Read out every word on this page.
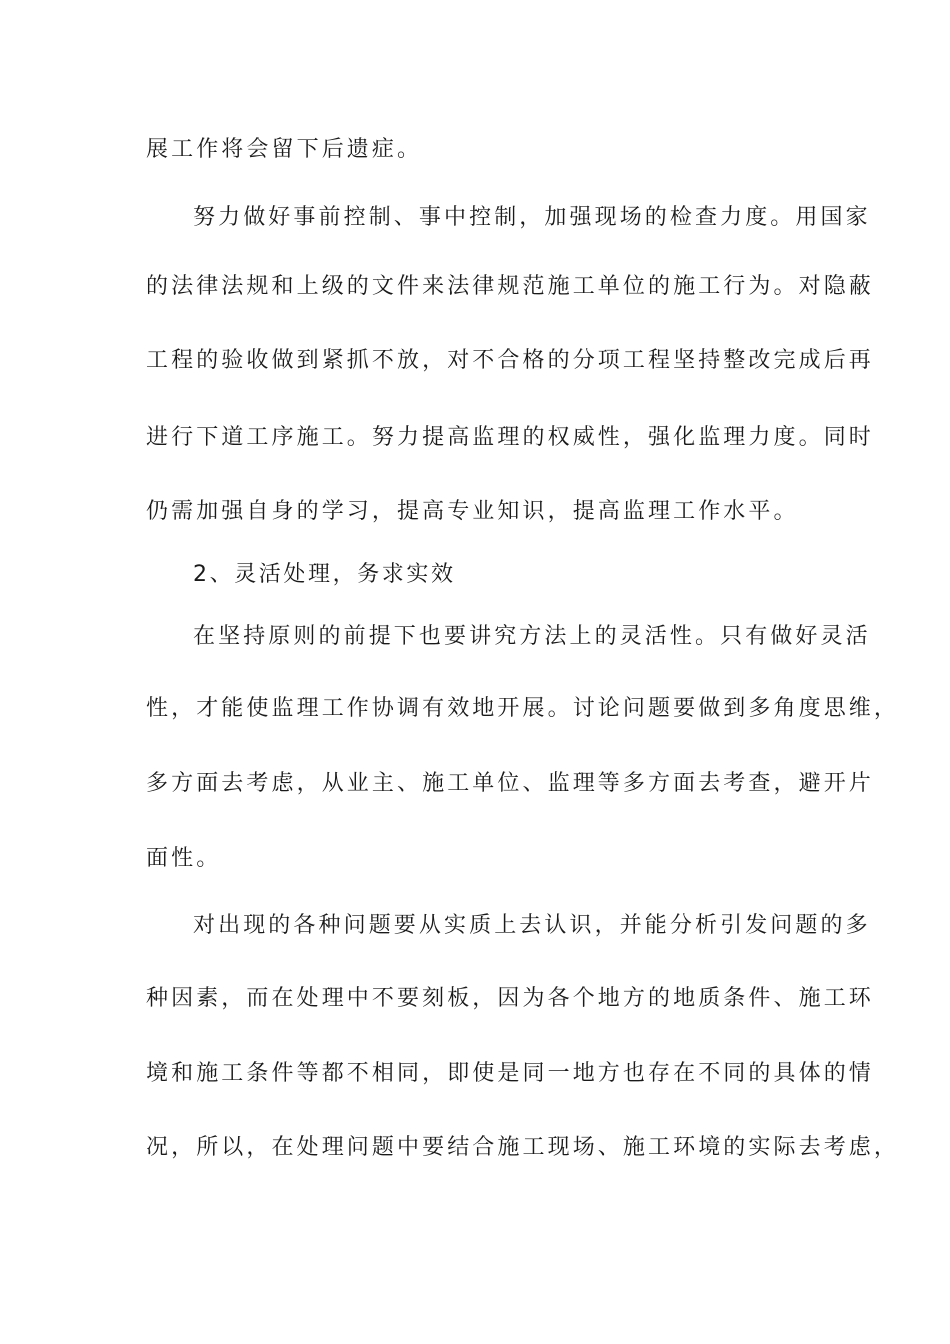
展工作将会留下后遗症。
努力做好事前控制、事中控制，加强现场的检查力度。用国家
的法律法规和上级的文件来法律规范施工单位的施工行为。对隐蔽
工程的验收做到紧抓不放，对不合格的分项工程坚持整改完成后再
进行下道工序施工。努力提高监理的权威性，强化监理力度。同时
仍需加强自身的学习，提高专业知识，提高监理工作水平。
2、灵活处理，务求实效
在坚持原则的前提下也要讲究方法上的灵活性。只有做好灵活
性，才能使监理工作协调有效地开展。讨论问题要做到多角度思维，
多方面去考虑，从业主、施工单位、监理等多方面去考查，避开片
面性。
对出现的各种问题要从实质上去认识，并能分析引发问题的多
种因素，而在处理中不要刻板，因为各个地方的地质条件、施工环
境和施工条件等都不相同，即使是同一地方也存在不同的具体的情
况，所以，在处理问题中要结合施工现场、施工环境的实际去考虑，
